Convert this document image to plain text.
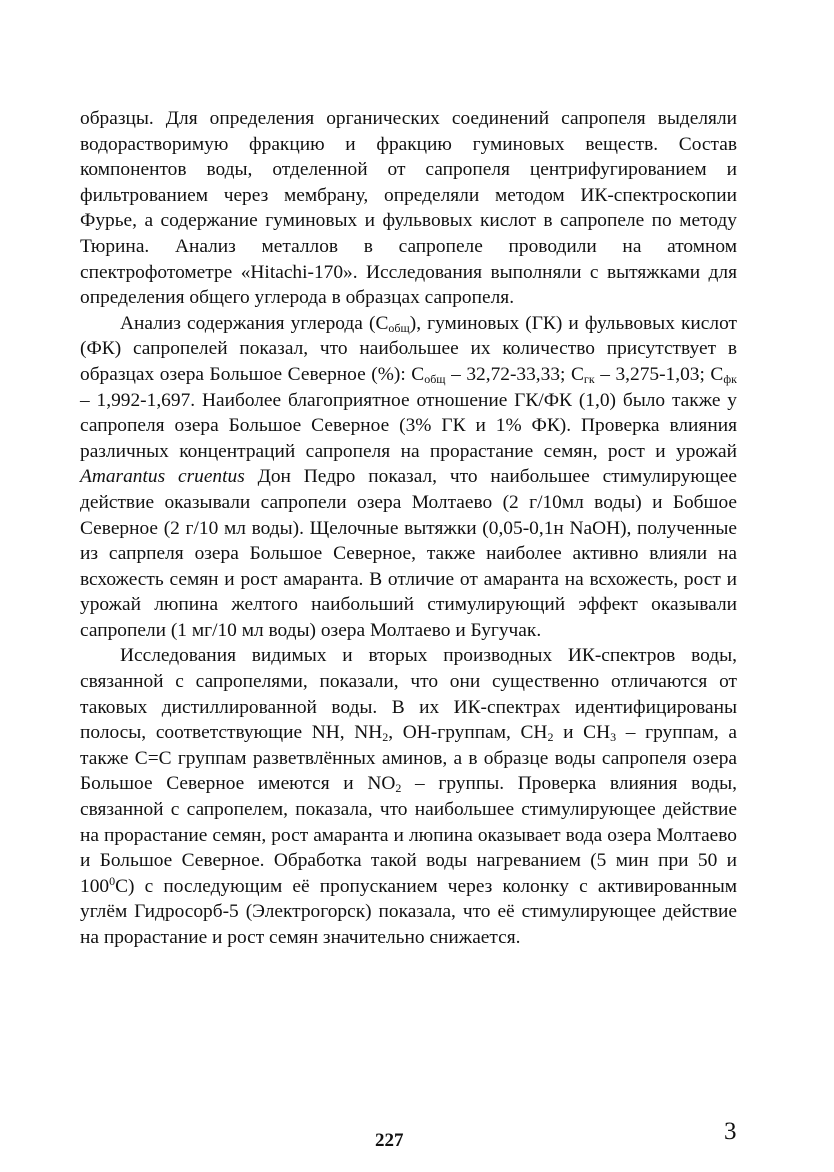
образцы. Для определения органических соединений сапропеля выделяли водорастворимую фракцию и фракцию гуминовых веществ. Состав компонентов воды, отделенной от сапропеля центрифугированием и фильтрованием через мембрану, определяли методом ИК-спектроскопии Фурье, а содержание гуминовых и фульвовых кислот в сапропеле по методу Тюрина. Анализ металлов в сапропеле проводили на атомном спектрофотометре «Hitachi-170». Исследования выполняли с вытяжками для определения общего углерода в образцах сапропеля.

Анализ содержания углерода $(С_{общ})$, гуминовых (ГК) и фульвовых кислот (ФК) сапропелей показал, что наибольшее их количество присутствует в образцах озера Большое Северное (%): $С_{общ} - 32,72-33,33$; $С_{гк} - 3,275-1,03$; $С_{фк} - 1,992-1,697$. Наиболее благоприятное отношение ГК/ФК (1,0) было также у сапропеля озера Большое Северное (3% ГК и 1% ФК). Проверка влияния различных концентраций сапропеля на прорастание семян, рост и урожай Amarantus cruentus Дон Педро показал, что наибольшее стимулирующее действие оказывали сапропели озера Молтаево (2 г/10мл воды) и Бобшое Северное (2 г/10 мл воды). Щелочные вытяжки (0,05-0,1н NaOH), полученные из сапрпеля озера Большое Северное, также наиболее активно влияли на всхожесть семян и рост амаранта. В отличие от амаранта на всхожесть, рост и урожай люпина желтого наибольший стимулирующий эффект оказывали сапропели (1 мг/10 мл воды) озера Молтаево и Бугучак.

Исследования видимых и вторых производных ИК-спектров воды, связанной с сапропелями, показали, что они существенно отличаются от таковых дистиллированной воды. В их ИК-спектрах идентифицированы полосы, соответствующие NH, $NH_2$, OH-группам, $CH_2$ и $CH_3$ – группам, а также C=C группам разветвлённых аминов, а в образце воды сапропеля озера Большое Северное имеются и $NO_2$ – группы. Проверка влияния воды, связанной с сапропелем, показала, что наибольшее стимулирующее действие на прорастание семян, рост амаранта и люпина оказывает вода озера Молтаево и Большое Северное. Обработка такой воды нагреванием (5 мин при 50 и $100^0С$) с последующим её пропусканием через колонку с активированным углём Гидросорб-5 (Электрогорск) показала, что её стимулирующее действие на прорастание и рост семян значительно снижается.

227	3
